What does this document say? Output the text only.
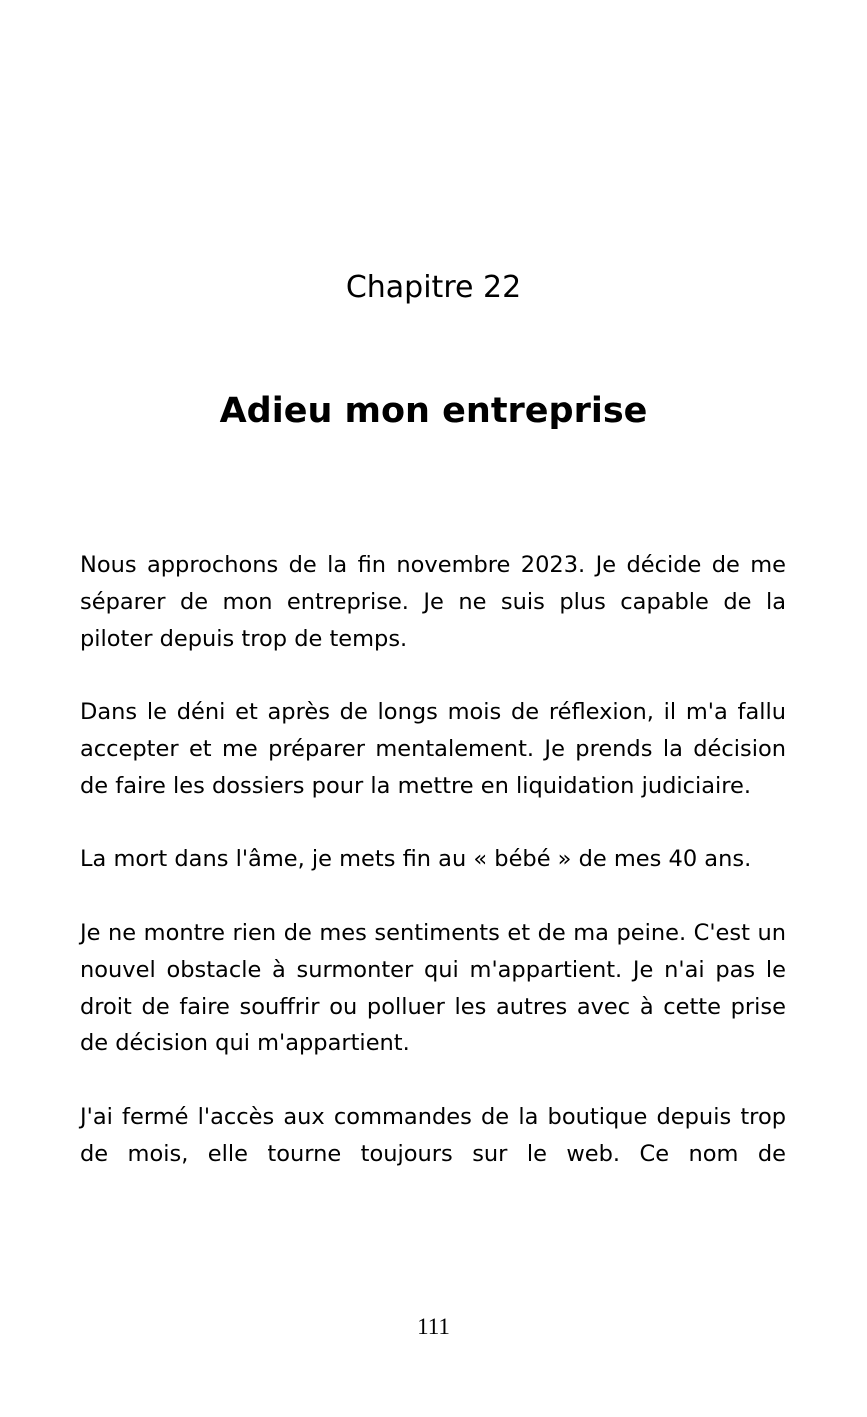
Chapitre 22
Adieu mon entreprise

Nous approchons de la fin novembre 2023. Je décide de me séparer de mon entreprise. Je ne suis plus capable de la piloter depuis trop de temps.

Dans le déni et après de longs mois de réflexion, il m'a fallu accepter et me préparer mentalement. Je prends la décision de faire les dossiers pour la mettre en liquidation judiciaire.

La mort dans l'âme, je mets fin au « bébé » de mes 40 ans.

Je ne montre rien de mes sentiments et de ma peine. C'est un nouvel obstacle à surmonter qui m'appartient. Je n'ai pas le droit de faire souffrir ou polluer les autres avec à cette prise de décision qui m'appartient.

J'ai fermé l'accès aux commandes de la boutique depuis trop de mois, elle tourne toujours sur le web. Ce nom de

111
